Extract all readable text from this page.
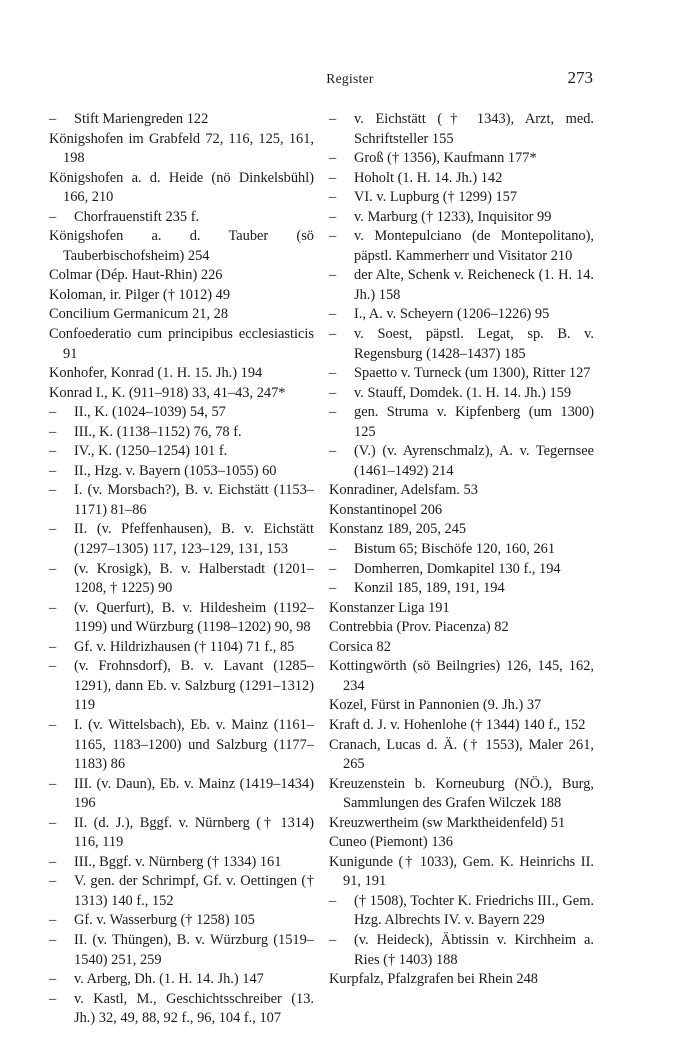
Register	273
– Stift Mariengreden 122
Königshofen im Grabfeld 72, 116, 125, 161, 198
Königshofen a. d. Heide (nö Dinkelsbühl) 166, 210
– Chorfrauenstift 235 f.
Königshofen a. d. Tauber (sö Tauberbischofsheim) 254
Colmar (Dép. Haut-Rhin) 226
Koloman, ir. Pilger († 1012) 49
Concilium Germanicum 21, 28
Confoederatio cum principibus ecclesiasticis 91
Konhofer, Konrad (1. H. 15. Jh.) 194
Konrad I., K. (911–918) 33, 41–43, 247*
– II., K. (1024–1039) 54, 57
– III., K. (1138–1152) 76, 78 f.
– IV., K. (1250–1254) 101 f.
– II., Hzg. v. Bayern (1053–1055) 60
– I. (v. Morsbach?), B. v. Eichstätt (1153–1171) 81–86
– II. (v. Pfeffenhausen), B. v. Eichstätt (1297–1305) 117, 123–129, 131, 153
– (v. Krosigk), B. v. Halberstadt (1201–1208, † 1225) 90
– (v. Querfurt), B. v. Hildesheim (1192–1199) und Würzburg (1198–1202) 90, 98
– Gf. v. Hildrizhausen († 1104) 71 f., 85
– (v. Frohnsdorf), B. v. Lavant (1285–1291), dann Eb. v. Salzburg (1291–1312) 119
– I. (v. Wittelsbach), Eb. v. Mainz (1161–1165, 1183–1200) und Salzburg (1177–1183) 86
– III. (v. Daun), Eb. v. Mainz (1419–1434) 196
– II. (d. J.), Bggf. v. Nürnberg († 1314) 116, 119
– III., Bggf. v. Nürnberg († 1334) 161
– V. gen. der Schrimpf, Gf. v. Oettingen († 1313) 140 f., 152
– Gf. v. Wasserburg († 1258) 105
– II. (v. Thüngen), B. v. Würzburg (1519–1540) 251, 259
– v. Arberg, Dh. (1. H. 14. Jh.) 147
– v. Kastl, M., Geschichtsschreiber (13. Jh.) 32, 49, 88, 92 f., 96, 104 f., 107
– v. Eichstätt († 1343), Arzt, med. Schriftsteller 155
– Groß († 1356), Kaufmann 177*
– Hoholt (1. H. 14. Jh.) 142
– VI. v. Lupburg († 1299) 157
– v. Marburg († 1233), Inquisitor 99
– v. Montepulciano (de Montepolitano), päpstl. Kammerherr und Visitator 210
– der Alte, Schenk v. Reicheneck (1. H. 14. Jh.) 158
– I., A. v. Scheyern (1206–1226) 95
– v. Soest, päpstl. Legat, sp. B. v. Regensburg (1428–1437) 185
– Spaetto v. Turneck (um 1300), Ritter 127
– v. Stauff, Domdek. (1. H. 14. Jh.) 159
– gen. Struma v. Kipfenberg (um 1300) 125
– (V.) (v. Ayrenschmalz), A. v. Tegernsee (1461–1492) 214
Konradiner, Adelsfam. 53
Konstantinopel 206
Konstanz 189, 205, 245
– Bistum 65; Bischöfe 120, 160, 261
– Domherren, Domkapitel 130 f., 194
– Konzil 185, 189, 191, 194
Konstanzer Liga 191
Contrebbia (Prov. Piacenza) 82
Corsica 82
Kottingwörth (sö Beilngries) 126, 145, 162, 234
Kozel, Fürst in Pannonien (9. Jh.) 37
Kraft d. J. v. Hohenlohe († 1344) 140 f., 152
Cranach, Lucas d. Ä. († 1553), Maler 261, 265
Kreuzenstein b. Korneuburg (NÖ.), Burg, Sammlungen des Grafen Wilczek 188
Kreuzwertheim (sw Marktheidenfeld) 51
Cuneo (Piemont) 136
Kunigunde († 1033), Gem. K. Heinrichs II. 91, 191
– († 1508), Tochter K. Friedrichs III., Gem. Hzg. Albrechts IV. v. Bayern 229
– (v. Heideck), Äbtissin v. Kirchheim a. Ries († 1403) 188
Kurpfalz, Pfalzgrafen bei Rhein 248
